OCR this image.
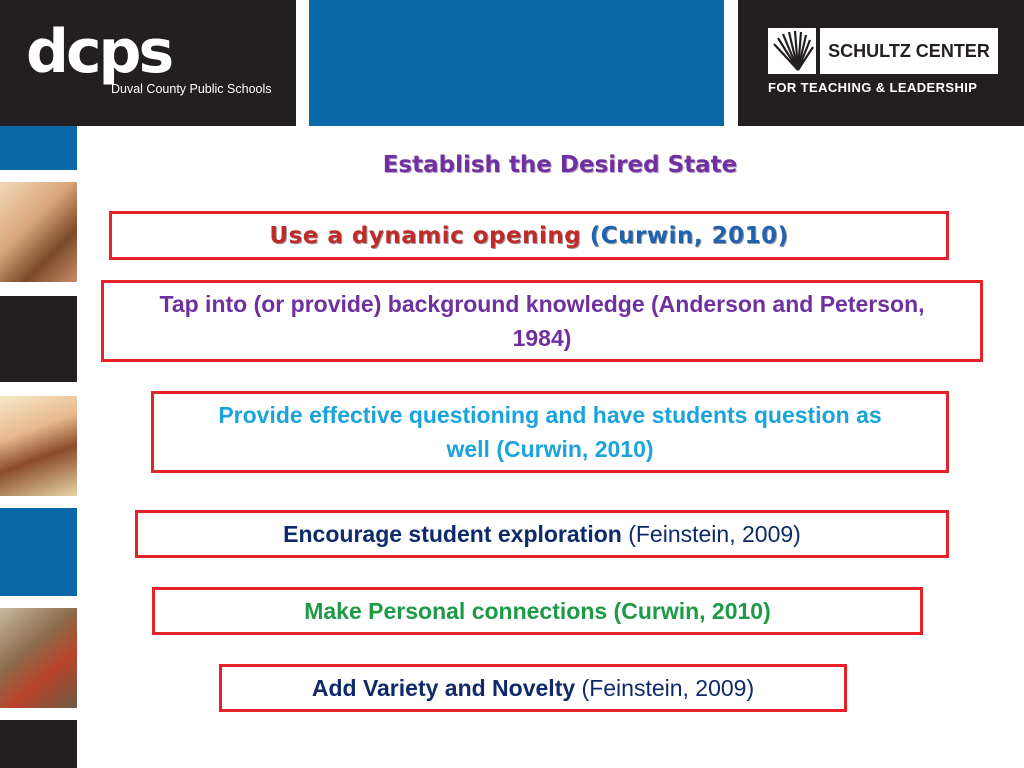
dcps
Duval County Public Schools
SCHULTZ CENTER
FOR TEACHING & LEADERSHIP
Establish the Desired State
Use a dynamic opening (Curwin, 2010)
Tap into (or provide) background knowledge (Anderson and Peterson, 1984)
Provide effective questioning and have students question as well (Curwin, 2010)
Encourage student exploration (Feinstein, 2009)
Make Personal connections (Curwin, 2010)
Add Variety and Novelty (Feinstein, 2009)
